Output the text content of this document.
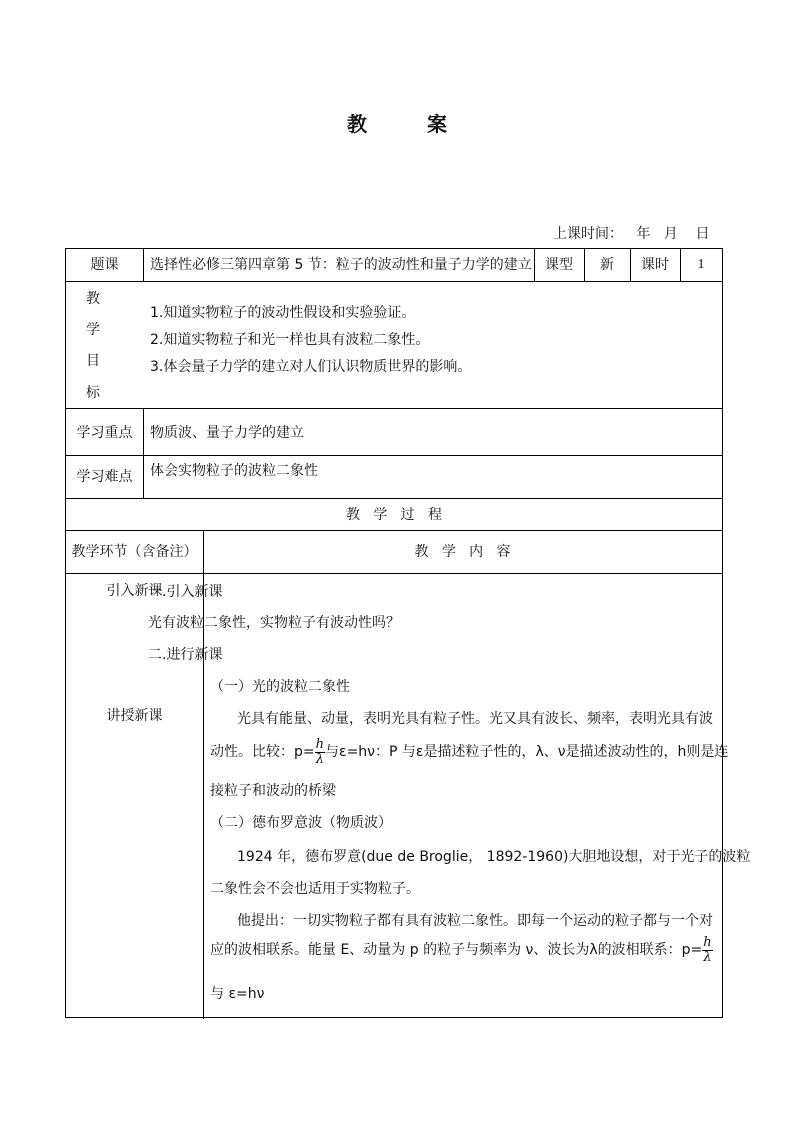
教	案
上课时间：   年   月    日
题课	选择性必修三第四章第 5 节：粒子的波动性和量子力学的建立 课型	新	课时	1
教
学
目
标
1.知道实物粒子的波动性假设和实验验证。
2.知道实物粒子和光一样也具有波粒二象性。
3.体会量子力学的建立对人们认识物质世界的影响。
学习重点	物质波、量子力学的建立
学习难点	体会实物粒子的波粒二象性
教   学   过   程
教学环节（含备注）	教   学   内   容
引入新课
讲授新课
一.引入新课
光有波粒二象性，实物粒子有波动性吗？
二.进行新课
（一）光的波粒二象性
光具有能量、动量，表明光具有粒子性。光又具有波长、频率，表明光具有波
动性。比较：$p= \frac{h}{\lambda}$ 与ε=hν：P 与ε是描述粒子性的，λ、ν是描述波动性的，h则是连
接粒子和波动的桥梁
（二）德布罗意波（物质波）
1924 年，德布罗意(due de Broglie， 1892-1960)大胆地设想，对于光子的波粒
二象性会不会也适用于实物粒子。
他提出：一切实物粒子都有具有波粒二象性。即每一个运动的粒子都与一个对
应的波相联系。能量 E、动量为 p 的粒子与频率为 ν、波长为λ的波相联系：$p= \frac{h}{\lambda}$
与 ε=hν
